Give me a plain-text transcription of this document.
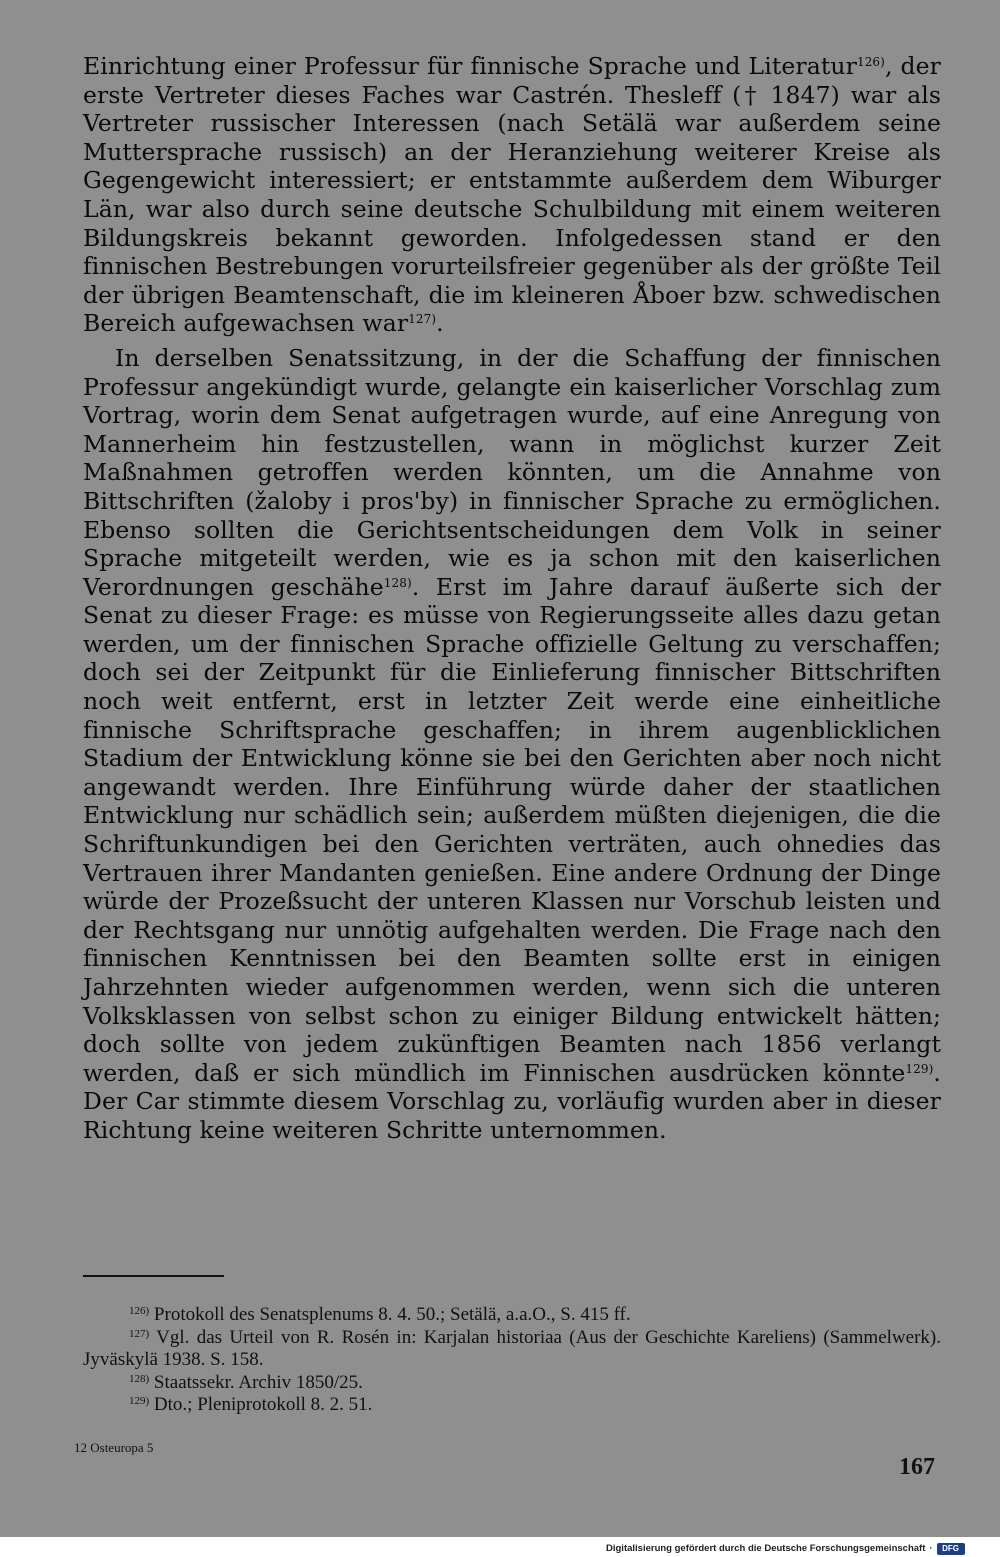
Einrichtung einer Professur für finnische Sprache und Literatur$^{126)}$, der erste Vertreter dieses Faches war Castrén. Thesleff († 1847) war als Vertreter russischer Interessen (nach Setälä war außerdem seine Muttersprache russisch) an der Heranziehung weiterer Kreise als Gegengewicht interessiert; er entstammte außerdem dem Wiburger Län, war also durch seine deutsche Schulbildung mit einem weiteren Bildungskreis bekannt geworden. Infolgedessen stand er den finnischen Bestrebungen vorurteilsfreier gegenüber als der größte Teil der übrigen Beamtenschaft, die im kleineren Åboer bzw. schwedischen Bereich aufgewachsen war$^{127)}$.

In derselben Senatssitzung, in der die Schaffung der finnischen Professur angekündigt wurde, gelangte ein kaiserlicher Vorschlag zum Vortrag, worin dem Senat aufgetragen wurde, auf eine Anregung von Mannerheim hin festzustellen, wann in möglichst kurzer Zeit Maßnahmen getroffen werden könnten, um die Annahme von Bittschriften (žaloby i pros'by) in finnischer Sprache zu ermöglichen. Ebenso sollten die Gerichtsentscheidungen dem Volk in seiner Sprache mitgeteilt werden, wie es ja schon mit den kaiserlichen Verordnungen geschähe$^{128)}$. Erst im Jahre darauf äußerte sich der Senat zu dieser Frage: es müsse von Regierungsseite alles dazu getan werden, um der finnischen Sprache offizielle Geltung zu verschaffen; doch sei der Zeitpunkt für die Einlieferung finnischer Bittschriften noch weit entfernt, erst in letzter Zeit werde eine einheitliche finnische Schriftsprache geschaffen; in ihrem augenblicklichen Stadium der Entwicklung könne sie bei den Gerichten aber noch nicht angewandt werden. Ihre Einführung würde daher der staatlichen Entwicklung nur schädlich sein; außerdem müßten diejenigen, die die Schriftunkundigen bei den Gerichten verträten, auch ohnedies das Vertrauen ihrer Mandanten genießen. Eine andere Ordnung der Dinge würde der Prozeßsucht der unteren Klassen nur Vorschub leisten und der Rechtsgang nur unnötig aufgehalten werden. Die Frage nach den finnischen Kenntnissen bei den Beamten sollte erst in einigen Jahrzehnten wieder aufgenommen werden, wenn sich die unteren Volksklassen von selbst schon zu einiger Bildung entwickelt hätten; doch sollte von jedem zukünftigen Beamten nach 1856 verlangt werden, daß er sich mündlich im Finnischen ausdrücken könnte$^{129)}$. Der Car stimmte diesem Vorschlag zu, vorläufig wurden aber in dieser Richtung keine weiteren Schritte unternommen.

$^{126)}$ Protokoll des Senatsplenums 8. 4. 50.; Setälä, a.a.O., S. 415 ff.

$^{127)}$ Vgl. das Urteil von R. Rosén in: Karjalan historiaa (Aus der Geschichte Kareliens) (Sammelwerk). Jyväskylä 1938. S. 158.

$^{128)}$ Staatssekr. Archiv 1850/25.

$^{129)}$ Dto.; Pleniprotokoll 8. 2. 51.

12 Osteuropa 5
167
Digitalisierung gefördert durch die Deutsche Forschungsgemeinschaft ·	DFG
